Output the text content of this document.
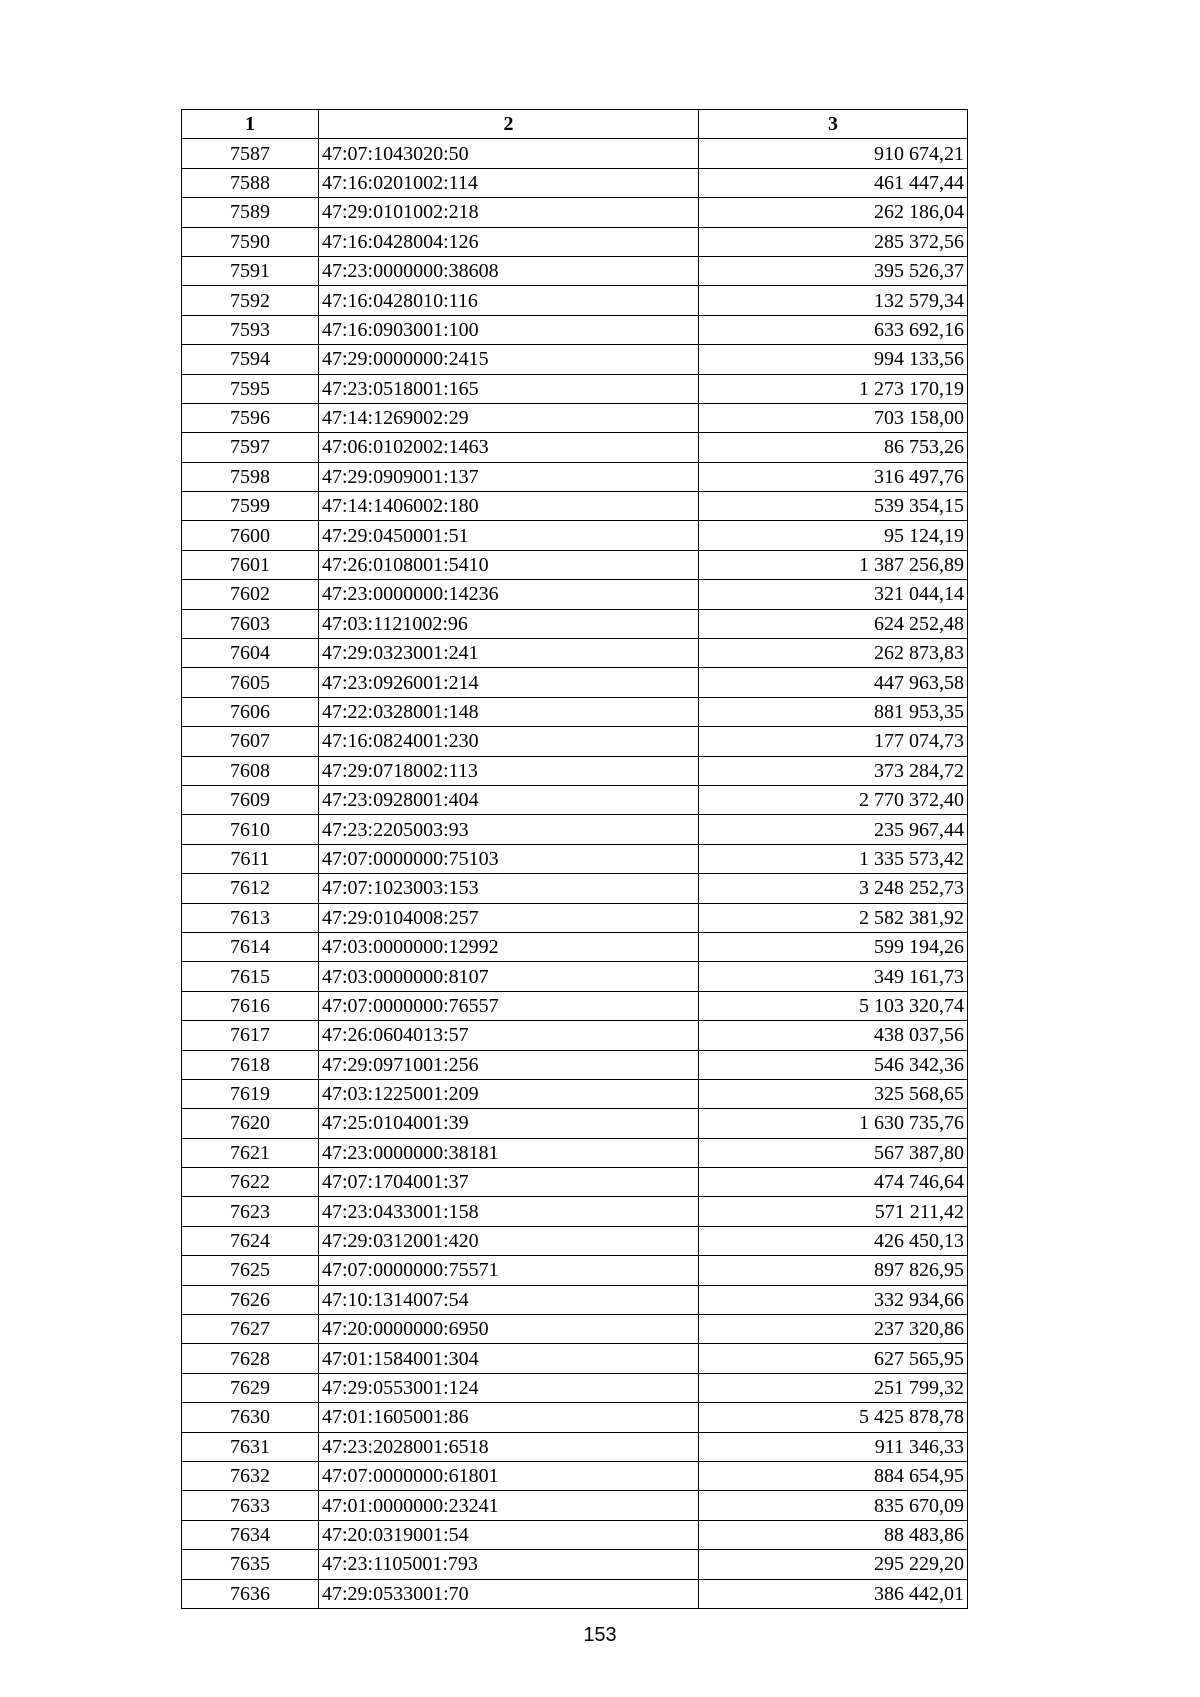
1	2	3
7587	47:07:1043020:50	910 674,21
7588	47:16:0201002:114	461 447,44
7589	47:29:0101002:218	262 186,04
7590	47:16:0428004:126	285 372,56
7591	47:23:0000000:38608	395 526,37
7592	47:16:0428010:116	132 579,34
7593	47:16:0903001:100	633 692,16
7594	47:29:0000000:2415	994 133,56
7595	47:23:0518001:165	1 273 170,19
7596	47:14:1269002:29	703 158,00
7597	47:06:0102002:1463	86 753,26
7598	47:29:0909001:137	316 497,76
7599	47:14:1406002:180	539 354,15
7600	47:29:0450001:51	95 124,19
7601	47:26:0108001:5410	1 387 256,89
7602	47:23:0000000:14236	321 044,14
7603	47:03:1121002:96	624 252,48
7604	47:29:0323001:241	262 873,83
7605	47:23:0926001:214	447 963,58
7606	47:22:0328001:148	881 953,35
7607	47:16:0824001:230	177 074,73
7608	47:29:0718002:113	373 284,72
7609	47:23:0928001:404	2 770 372,40
7610	47:23:2205003:93	235 967,44
7611	47:07:0000000:75103	1 335 573,42
7612	47:07:1023003:153	3 248 252,73
7613	47:29:0104008:257	2 582 381,92
7614	47:03:0000000:12992	599 194,26
7615	47:03:0000000:8107	349 161,73
7616	47:07:0000000:76557	5 103 320,74
7617	47:26:0604013:57	438 037,56
7618	47:29:0971001:256	546 342,36
7619	47:03:1225001:209	325 568,65
7620	47:25:0104001:39	1 630 735,76
7621	47:23:0000000:38181	567 387,80
7622	47:07:1704001:37	474 746,64
7623	47:23:0433001:158	571 211,42
7624	47:29:0312001:420	426 450,13
7625	47:07:0000000:75571	897 826,95
7626	47:10:1314007:54	332 934,66
7627	47:20:0000000:6950	237 320,86
7628	47:01:1584001:304	627 565,95
7629	47:29:0553001:124	251 799,32
7630	47:01:1605001:86	5 425 878,78
7631	47:23:2028001:6518	911 346,33
7632	47:07:0000000:61801	884 654,95
7633	47:01:0000000:23241	835 670,09
7634	47:20:0319001:54	88 483,86
7635	47:23:1105001:793	295 229,20
7636	47:29:0533001:70	386 442,01
153
